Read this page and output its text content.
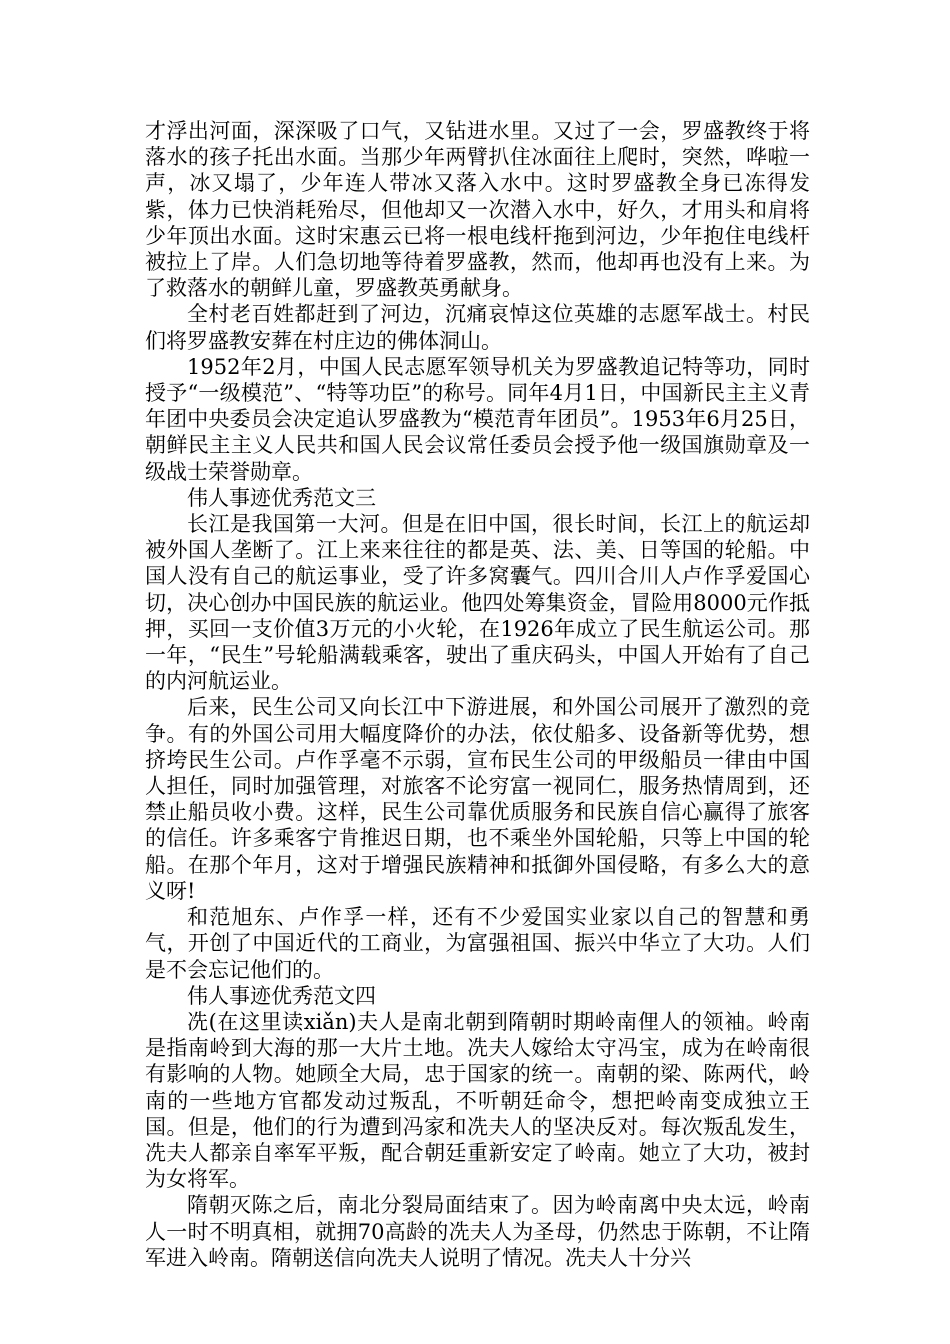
才浮出河面，深深吸了口气，又钻进水里。又过了一会，罗盛教终于将落水的孩子托出水面。当那少年两臂扒住冰面往上爬时，突然，哗啦一声，冰又塌了，少年连人带冰又落入水中。这时罗盛教全身已冻得发紫，体力已快消耗殆尽，但他却又一次潜入水中，好久，才用头和肩将少年顶出水面。这时宋惠云已将一根电线杆拖到河边，少年抱住电线杆被拉上了岸。人们急切地等待着罗盛教，然而，他却再也没有上来。为了救落水的朝鲜儿童，罗盛教英勇献身。

全村老百姓都赶到了河边，沉痛哀悼这位英雄的志愿军战士。村民们将罗盛教安葬在村庄边的佛体洞山。

1952年2月，中国人民志愿军领导机关为罗盛教追记特等功，同时授予“一级模范”、“特等功臣”的称号。同年4月1日，中国新民主主义青年团中央委员会决定追认罗盛教为“模范青年团员”。1953年6月25日，朝鲜民主主义人民共和国人民会议常任委员会授予他一级国旗勋章及一级战士荣誉勋章。

伟人事迹优秀范文三

长江是我国第一大河。但是在旧中国，很长时间，长江上的航运却被外国人垄断了。江上来来往往的都是英、法、美、日等国的轮船。中国人没有自己的航运事业，受了许多窝囊气。四川合川人卢作孚爱国心切，决心创办中国民族的航运业。他四处筹集资金，冒险用8000元作抵押，买回一支价值3万元的小火轮，在1926年成立了民生航运公司。那一年，“民生”号轮船满载乘客，驶出了重庆码头，中国人开始有了自己的内河航运业。

后来，民生公司又向长江中下游进展，和外国公司展开了激烈的竞争。有的外国公司用大幅度降价的办法，依仗船多、设备新等优势，想挤垮民生公司。卢作孚毫不示弱，宣布民生公司的甲级船员一律由中国人担任，同时加强管理，对旅客不论穷富一视同仁，服务热情周到，还禁止船员收小费。这样，民生公司靠优质服务和民族自信心赢得了旅客的信任。许多乘客宁肯推迟日期，也不乘坐外国轮船，只等上中国的轮船。在那个年月，这对于增强民族精神和抵御外国侵略，有多么大的意义呀!

和范旭东、卢作孚一样，还有不少爱国实业家以自己的智慧和勇气，开创了中国近代的工商业，为富强祖国、振兴中华立了大功。人们是不会忘记他们的。

伟人事迹优秀范文四

冼(在这里读xiǎn)夫人是南北朝到隋朝时期岭南俚人的领袖。岭南是指南岭到大海的那一大片土地。冼夫人嫁给太守冯宝，成为在岭南很有影响的人物。她顾全大局，忠于国家的统一。南朝的梁、陈两代，岭南的一些地方官都发动过叛乱，不听朝廷命令，想把岭南变成独立王国。但是，他们的行为遭到冯家和冼夫人的坚决反对。每次叛乱发生，冼夫人都亲自率军平叛，配合朝廷重新安定了岭南。她立了大功，被封为女将军。

隋朝灭陈之后，南北分裂局面结束了。因为岭南离中央太远，岭南人一时不明真相，就拥70高龄的冼夫人为圣母，仍然忠于陈朝，不让隋军进入岭南。隋朝送信向冼夫人说明了情况。冼夫人十分兴
